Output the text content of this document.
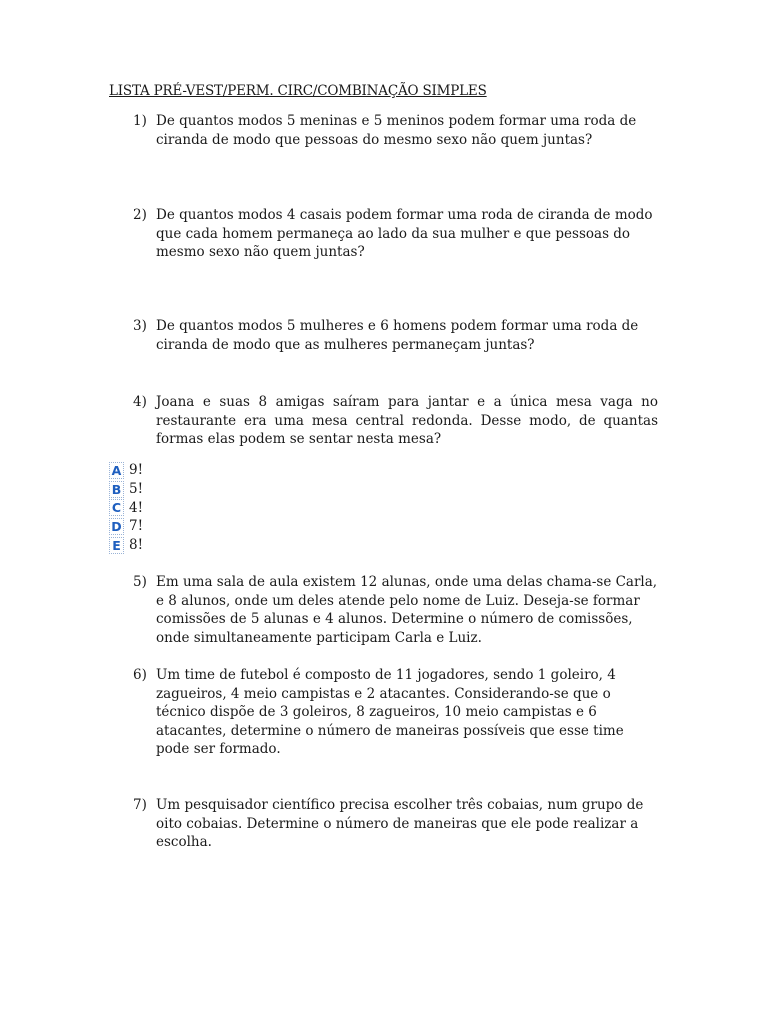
LISTA PRÉ-VEST/PERM. CIRC/COMBINAÇÃO SIMPLES
1) De quantos modos 5 meninas e 5 meninos podem formar uma roda de ciranda de modo que pessoas do mesmo sexo não quem juntas?
2) De quantos modos 4 casais podem formar uma roda de ciranda de modo que cada homem permaneça ao lado da sua mulher e que pessoas do mesmo sexo não quem juntas?
3) De quantos modos 5 mulheres e 6 homens podem formar uma roda de ciranda de modo que as mulheres permaneçam juntas?
4) Joana e suas 8 amigas saíram para jantar e a única mesa vaga no restaurante era uma mesa central redonda. Desse modo, de quantas formas elas podem se sentar nesta mesa?
A 9!
B 5!
C 4!
D 7!
E 8!
5) Em uma sala de aula existem 12 alunas, onde uma delas chama-se Carla, e 8 alunos, onde um deles atende pelo nome de Luiz. Deseja-se formar comissões de 5 alunas e 4 alunos. Determine o número de comissões, onde simultaneamente participam Carla e Luiz.
6) Um time de futebol é composto de 11 jogadores, sendo 1 goleiro, 4 zagueiros, 4 meio campistas e 2 atacantes. Considerando-se que o técnico dispõe de 3 goleiros, 8 zagueiros, 10 meio campistas e 6 atacantes, determine o número de maneiras possíveis que esse time pode ser formado.
7) Um pesquisador científico precisa escolher três cobaias, num grupo de oito cobaias. Determine o número de maneiras que ele pode realizar a escolha.
